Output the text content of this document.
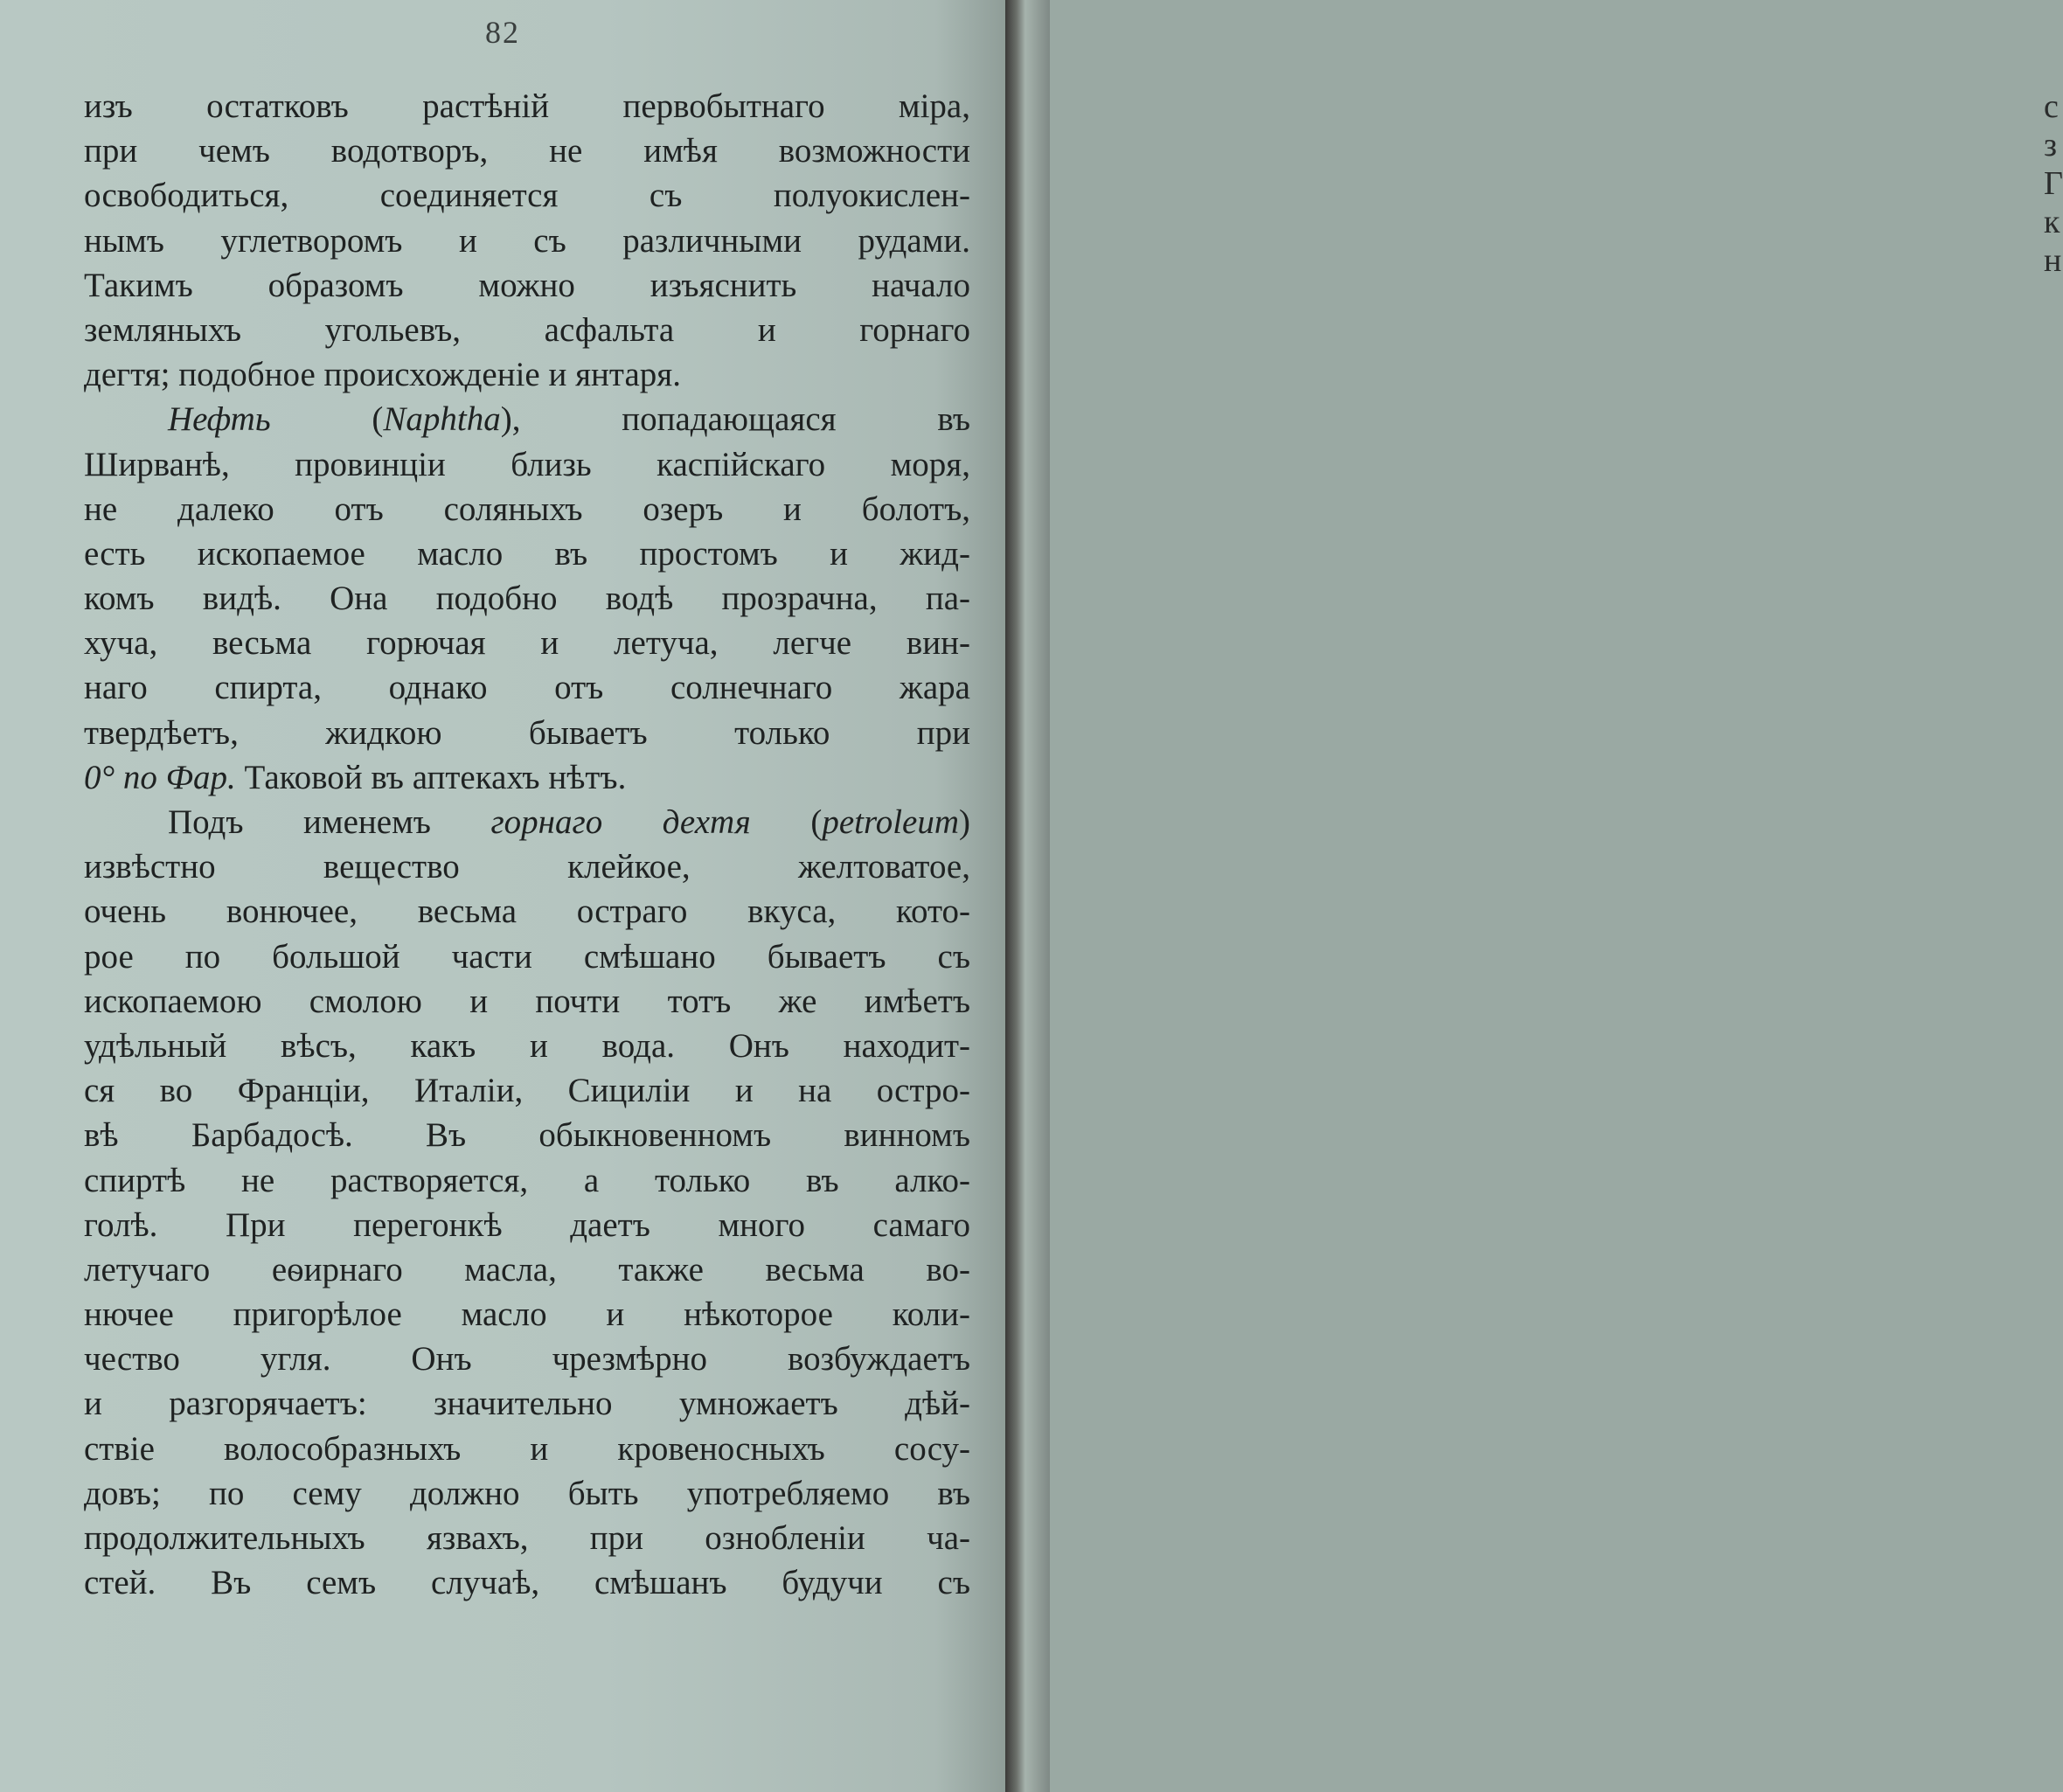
82
изъ остатковъ растѣній первобытнаго міра,
при чемъ водотворъ, не имѣя возможности
освободиться, соединяется съ полуокислен-
нымъ углетворомъ и съ различными рудами.
Такимъ образомъ можно изъяснить начало
земляныхъ угольевъ, асфальта и горнаго
дегтя; подобное происхожденіе и янтаря.
Нефть (Naphtha), попадающаяся въ
Ширванѣ, провинціи близь каспійскаго моря,
не далеко отъ соляныхъ озеръ и болотъ,
есть ископаемое масло въ простомъ и жид-
комъ видѣ. Она подобно водѣ прозрачна, па-
хуча, весьма горючая и летуча, легче вин-
наго спирта, однако отъ солнечнаго жара
твердѣетъ, жидкою бываетъ только при
0° по Фар. Таковой въ аптекахъ нѣтъ.
Подъ именемъ горнаго дехтя (petroleum)
извѣстно вещество клейкое, желтоватое,
очень вонючее, весьма остраго вкуса, кото-
рое по большой части смѣшано бываетъ съ
ископаемою смолою и почти тотъ же имѣетъ
удѣльный вѣсъ, какъ и вода. Онъ находит-
ся во Франціи, Италіи, Сициліи и на остро-
вѣ Барбадосѣ. Въ обыкновенномъ винномъ
спиртѣ не растворяется, а только въ алко-
голѣ. При перегонкѣ даетъ много самаго
летучаго еѳирнаго масла, также весьма во-
нючее пригорѣлое масло и нѣкоторое коли-
чество угля. Онъ чрезмѣрно возбуждаетъ
и разгорячаетъ: значительно умножаетъ дѣй-
ствіе волособразныхъ и кровеносныхъ сосу-
довъ; по сему должно быть употребляемо въ
продолжительныхъ язвахъ, при ознобленіи ча-
стей. Въ семъ случаѣ, смѣшанъ будучи съ
с
з
Г
к
н
